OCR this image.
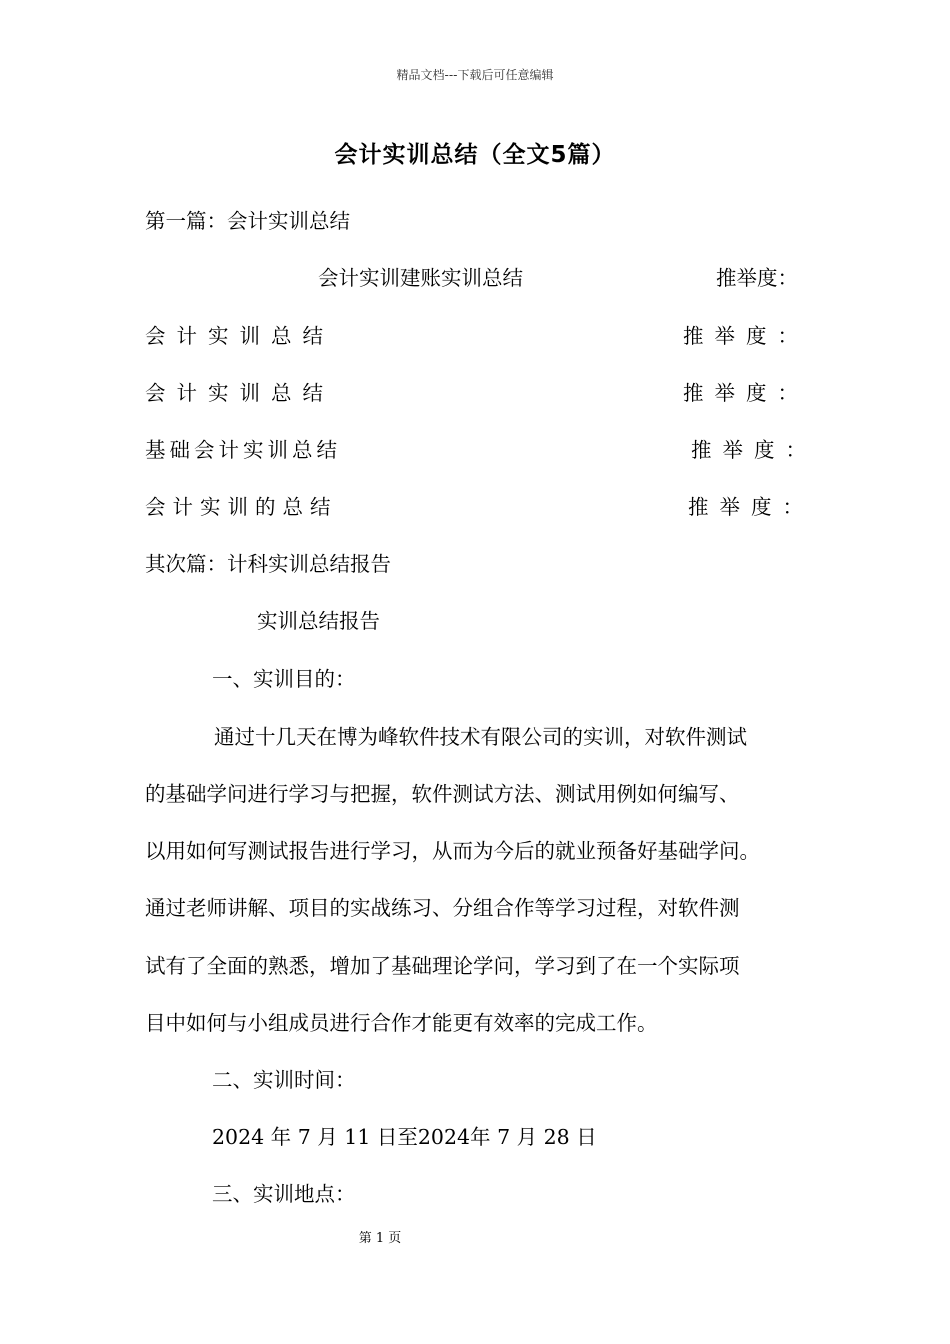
精品文档---下载后可任意编辑
会计实训总结（全文5篇）
第一篇：会计实训总结
会计实训建账实训总结	推举度：
会计实训总结	推举度：
会计实训总结	推举度：
基础会计实训总结	推举度：
会计实训的总结	推举度：
其次篇：计科实训总结报告
实训总结报告
一、实训目的：
通过十几天在博为峰软件技术有限公司的实训，对软件测试
的基础学问进行学习与把握，软件测试方法、测试用例如何编写、
以用如何写测试报告进行学习，从而为今后的就业预备好基础学问。
通过老师讲解、项目的实战练习、分组合作等学习过程，对软件测
试有了全面的熟悉，增加了基础理论学问，学习到了在一个实际项
目中如何与小组成员进行合作才能更有效率的完成工作。
二、实训时间：
2024 年 7 月 11 日至2024年 7 月 28 日
三、实训地点：
第 1 页
